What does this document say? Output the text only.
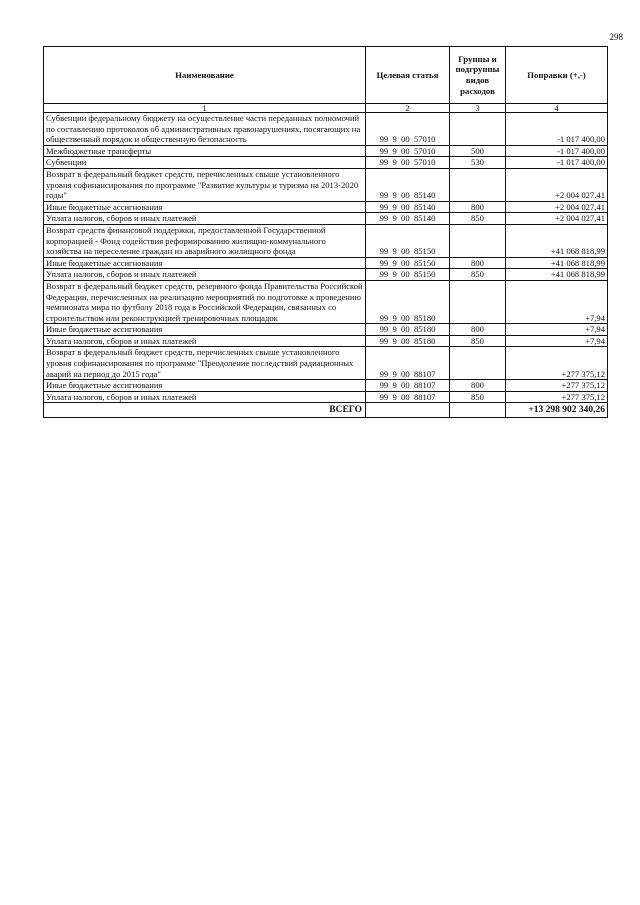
298
Наименование	Целевая статья	Группы и подгруппы видов расходов	Поправки (+,-)
1	2	3	4
Субвенции федеральному бюджету на осуществление части переданных полномочий по составлению протоколов об административных правонарушениях, посягающих на общественный порядок и общественную безопасность	99  9  00  57010		-1 017 400,00
Межбюджетные трансферты	99  9  00  57010	500	-1 017 400,00
Субвенции	99  9  00  57010	530	-1 017 400,00
Возврат в федеральный бюджет средств, перечисленных свыше установленного уровня софинансирования по программе "Развитие культуры и туризма на 2013-2020 годы"	99  9  00  85140		+2 004 027,41
Иные бюджетные ассигнования	99  9  00  85140	800	+2 004 027,41
Уплата налогов, сборов и иных платежей	99  9  00  85140	850	+2 004 027,41
Возврат средств финансовой поддержки, предоставленной Государственной корпорацией - Фонд содействия реформированию жилищно-коммунального хозяйства на переселение граждан из аварийного жилищного фонда	99  9  00  85150		+41 068 818,99
Иные бюджетные ассигнования	99  9  00  85150	800	+41 068 818,99
Уплата налогов, сборов и иных платежей	99  9  00  85150	850	+41 068 818,99
Возврат в федеральный бюджет средств, резервного фонда Правительства Российской Федерации, перечисленных на реализацию мероприятий по подготовке к проведению чемпионата мира по футболу 2018 года в Российской Федерации, связанных со строительством или реконструкцией тренировочных площадок	99  9  00  85180		+7,94
Иные бюджетные ассигнования	99  9  00  85180	800	+7,94
Уплата налогов, сборов и иных платежей	99  9  00  85180	850	+7,94
Возврат в федеральный бюджет средств, перечисленных свыше установленного уровня софинансирования по программе "Преодоление последствий радиационных аварий на период до 2015 года"	99  9  00  88107		+277 375,12
Иные бюджетные ассигнования	99  9  00  88107	800	+277 375,12
Уплата налогов, сборов и иных платежей	99  9  00  88107	850	+277 375,12
ВСЕГО			+13 298 902 340,26
